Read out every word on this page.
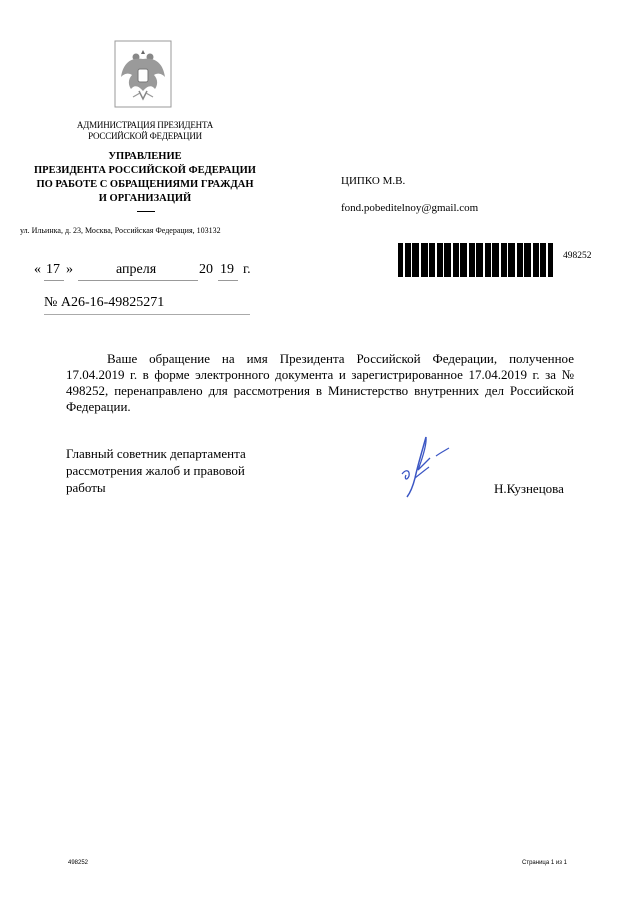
АДМИНИСТРАЦИЯ ПРЕЗИДЕНТА РОССИЙСКОЙ ФЕДЕРАЦИИ
УПРАВЛЕНИЕ
ПРЕЗИДЕНТА РОССИЙСКОЙ ФЕДЕРАЦИИ
ПО РАБОТЕ С ОБРАЩЕНИЯМИ ГРАЖДАН
И ОРГАНИЗАЦИЙ
ул. Ильинка, д. 23, Москва, Российская Федерация, 103132
ЦИПКО М.В.
fond.pobeditelnoy@gmail.com
498252
« 17 »	апреля	20 19 г.
№ А26-16-49825271
Ваше обращение на имя Президента Российской Федерации, полученное 17.04.2019 г. в форме электронного документа и зарегистрированное 17.04.2019 г. за № 498252, перенаправлено для рассмотрения в Министерство внутренних дел Российской Федерации.
Главный советник департамента
рассмотрения жалоб и правовой
работы	Н.Кузнецова
498252	Страница 1 из 1
